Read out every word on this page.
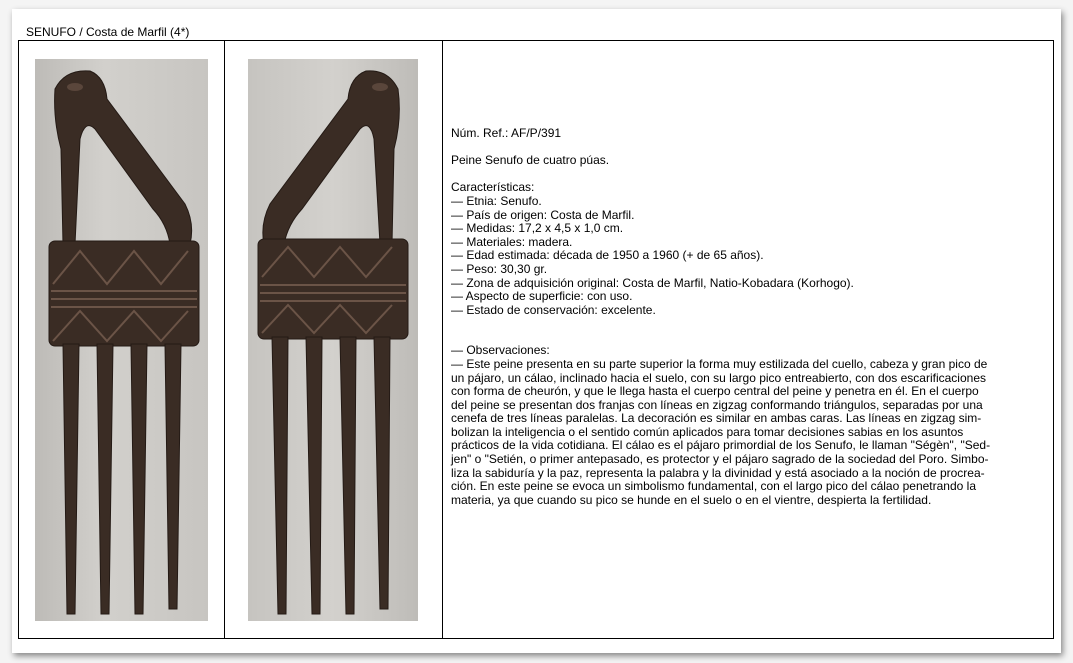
SENUFO / Costa de Marfil (4*)

Núm. Ref.: AF/P/391

Peine Senufo de cuatro púas.

Características:

— Etnia: Senufo.

— País de origen: Costa de Marfil.

— Medidas: 17,2 x 4,5 x 1,0 cm.

— Materiales: madera.

— Edad estimada: década de 1950 a 1960 (+ de 65 años).

— Peso: 30,30 gr.

— Zona de adquisición original: Costa de Marfil, Natio-Kobadara (Korhogo).

— Aspecto de superficie: con uso.

— Estado de conservación: excelente.

— Observaciones:

— Este peine presenta en su parte superior la forma muy estilizada del cuello, cabeza y gran pico de

un pájaro, un cálao, inclinado hacia el suelo, con su largo pico entreabierto, con dos escarificaciones

con forma de cheurón, y que le llega hasta el cuerpo central del peine y penetra en él. En el cuerpo

del peine se presentan dos franjas con líneas en zigzag conformando triángulos, separadas por una

cenefa de tres líneas paralelas. La decoración es similar en ambas caras. Las líneas en zigzag sim-

bolizan la inteligencia o el sentido común aplicados para tomar decisiones sabias en los asuntos

prácticos de la vida cotidiana. El cálao es el pájaro primordial de los Senufo, le llaman "Ségèn", "Sed-

jen" o "Setién, o primer antepasado, es protector y el pájaro sagrado de la sociedad del Poro. Simbo-

liza la sabiduría y la paz, representa la palabra y la divinidad y está asociado a la noción de procrea-

ción. En este peine se evoca un simbolismo fundamental, con el largo pico del cálao penetrando la

materia, ya que cuando su pico se hunde en el suelo o en el vientre, despierta la fertilidad.
